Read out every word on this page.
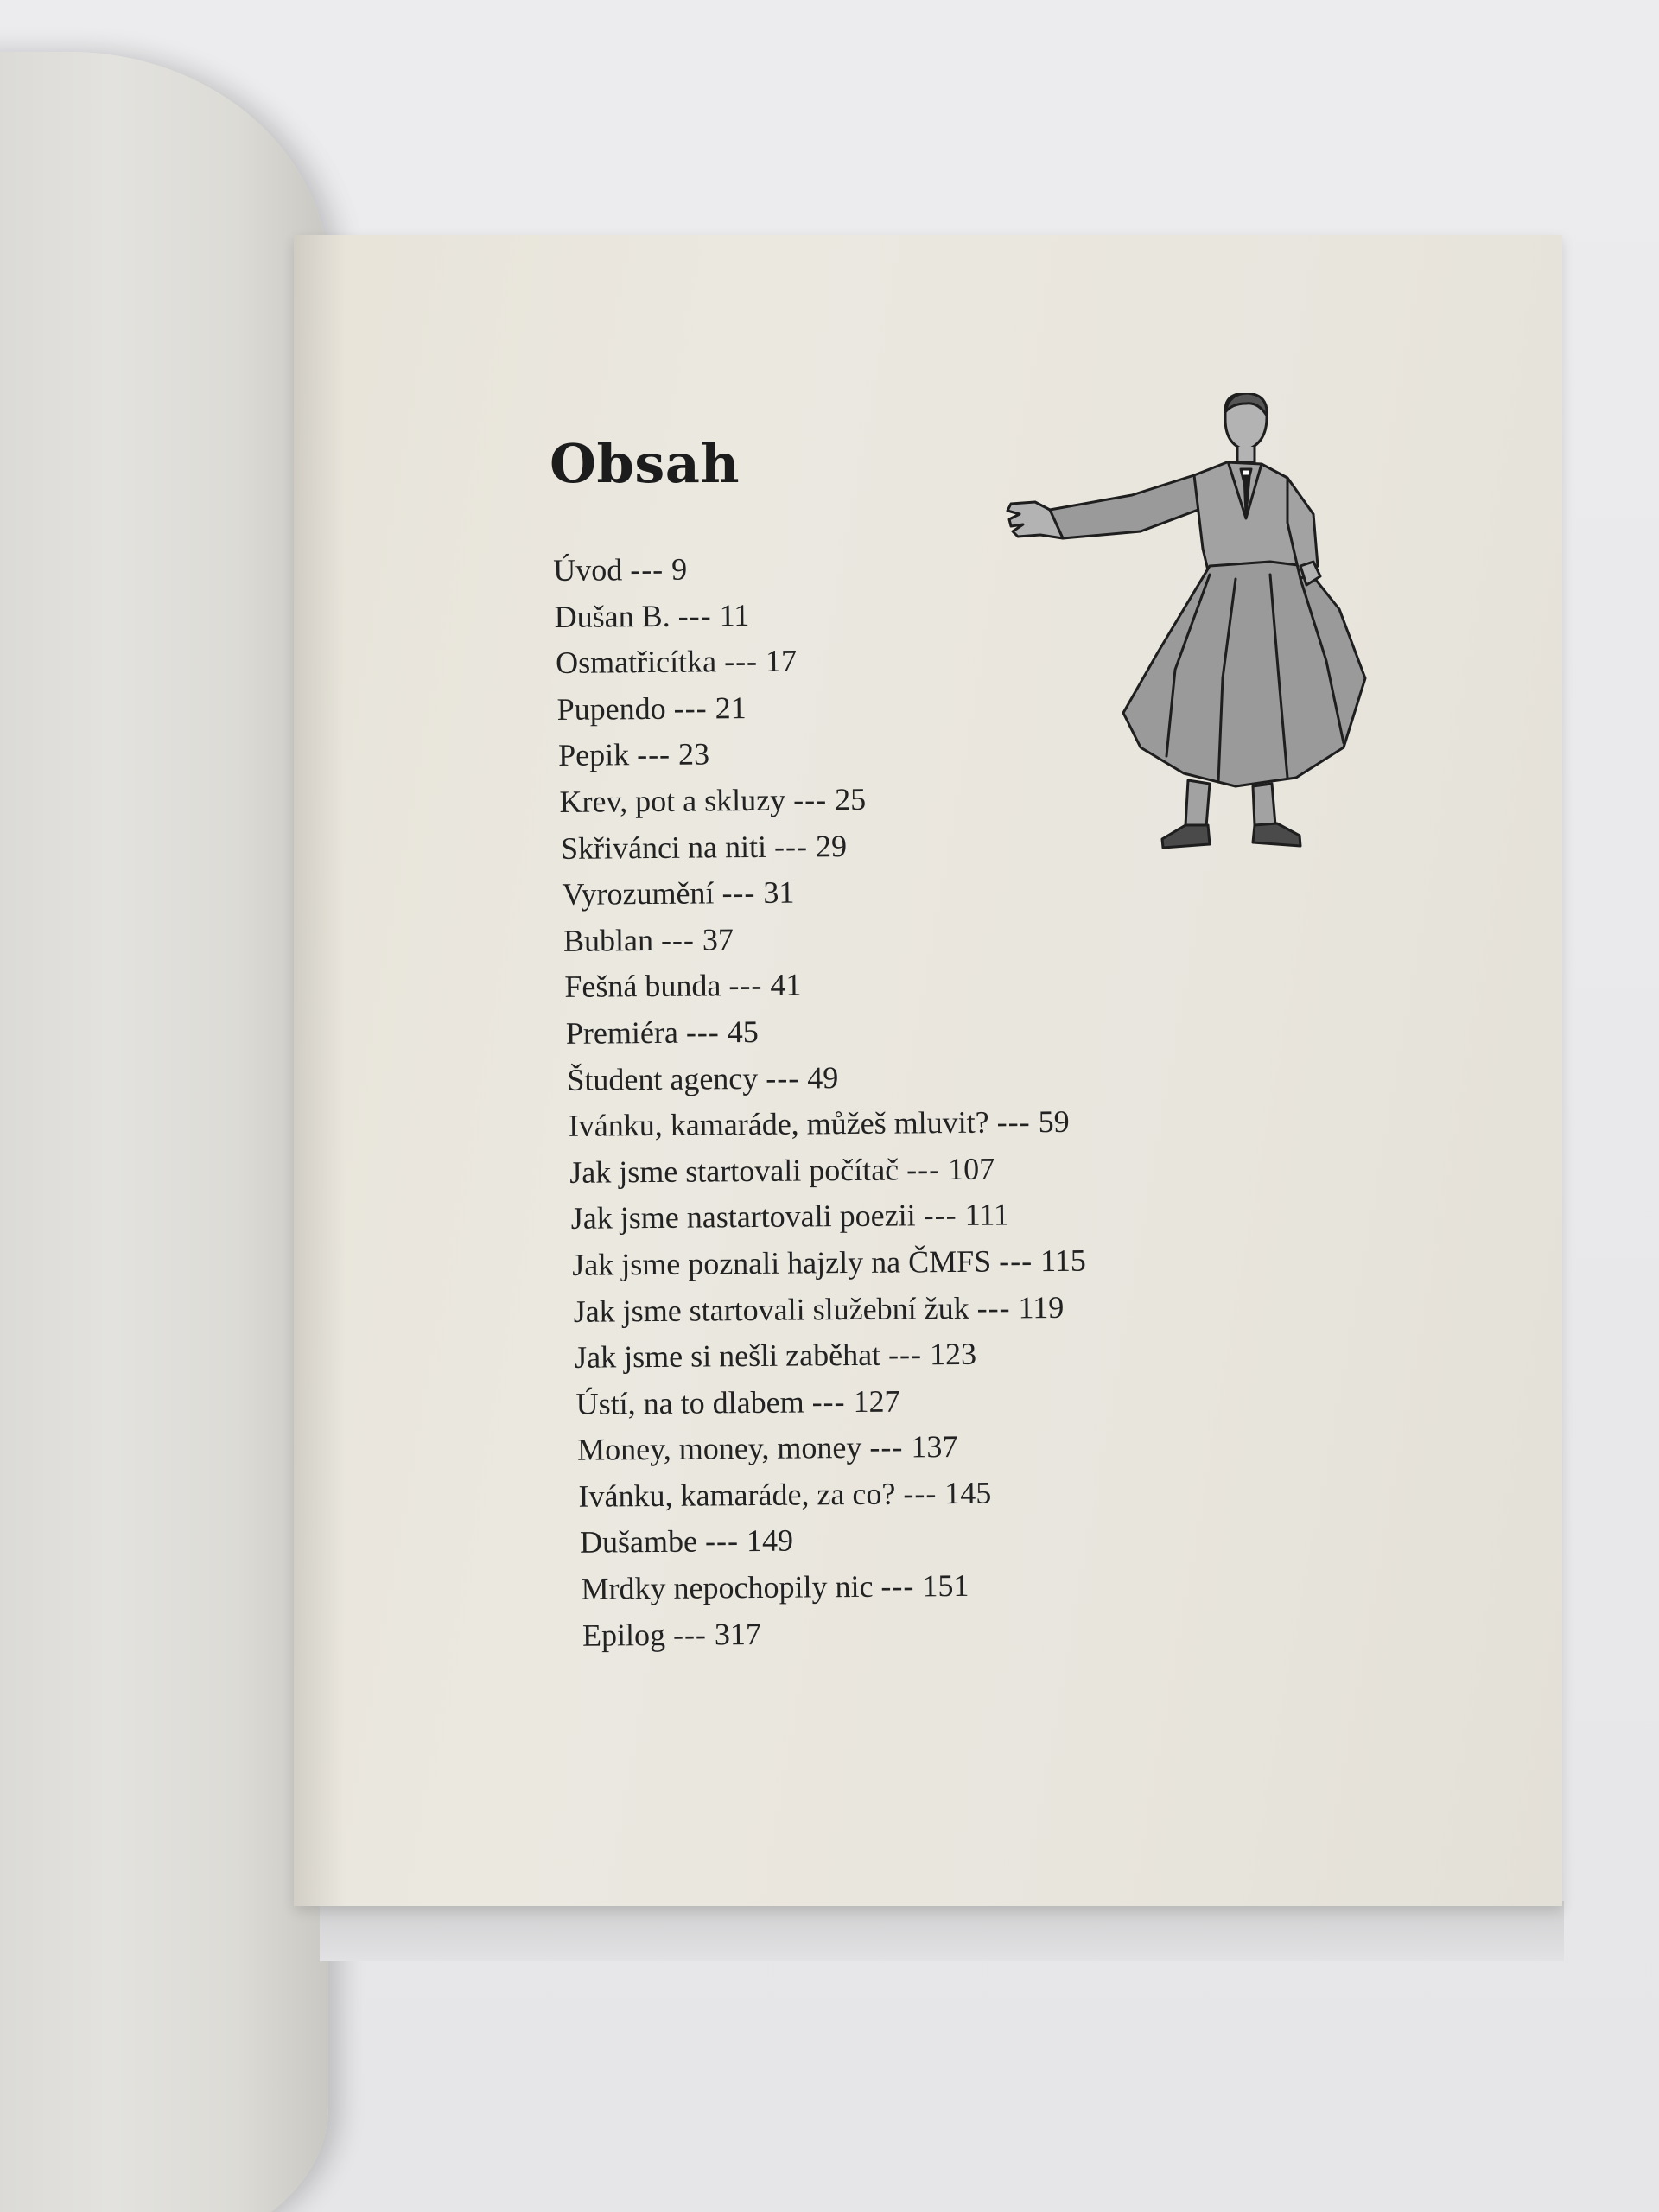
Obsah
Úvod --- 9
Dušan B. --- 11
Osmatřicítka --- 17
Pupendo --- 21
Pepik --- 23
Krev, pot a skluzy --- 25
Skřivánci na niti --- 29
Vyrozumění --- 31
Bublan --- 37
Fešná bunda --- 41
Premiéra --- 45
Študent agency --- 49
Ivánku, kamaráde, můžeš mluvit? --- 59
Jak jsme startovali počítač --- 107
Jak jsme nastartovali poezii --- 111
Jak jsme poznali hajzly na ČMFS --- 115
Jak jsme startovali služební žuk --- 119
Jak jsme si nešli zaběhat --- 123
Ústí, na to dlabem --- 127
Money, money, money --- 137
Ivánku, kamaráde, za co? --- 145
Dušambe --- 149
Mrdky nepochopily nic --- 151
Epilog --- 317
